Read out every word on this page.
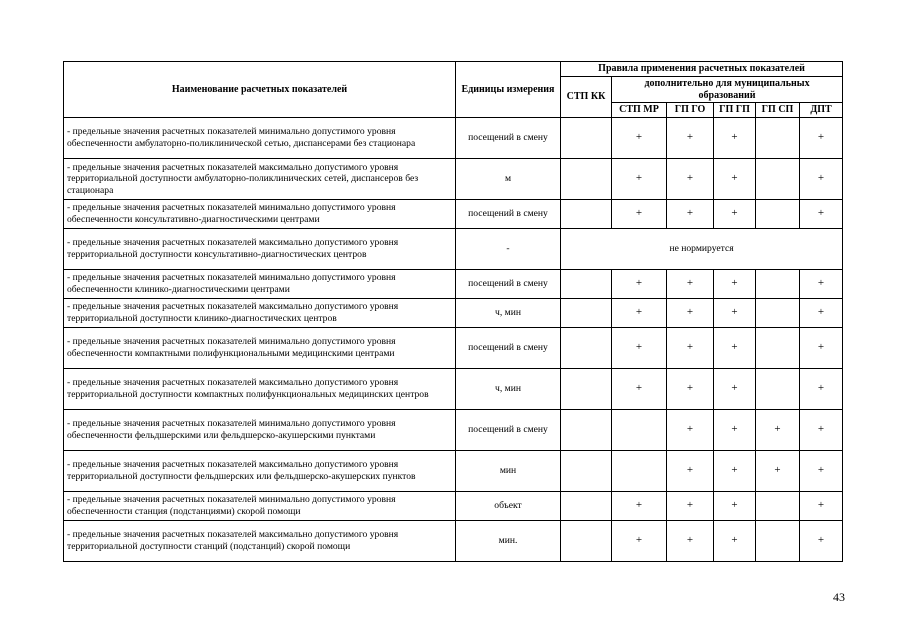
Наименование расчетных показателей	Единицы измерения	Правила применения расчетных показателей					
		СТП КК	дополнительно для муниципальных образований				
			СТП МР	ГП ГО	ГП ГП	ГП СП	ДПТ
- предельные значения расчетных показателей минимально допустимого уровня обеспеченности амбулаторно-поликлинической сетью, диспансерами без стационара	посещений в смену		+	+	+		+
- предельные значения расчетных показателей максимально допустимого уровня территориальной доступности амбулаторно-поликлинических сетей, диспансеров без стационара	м		+	+	+		+
- предельные значения расчетных показателей минимально допустимого уровня обеспеченности консультативно-диагностическими центрами	посещений в смену		+	+	+		+
- предельные значения расчетных показателей максимально допустимого уровня территориальной доступности консультативно-диагностических центров	-	не нормируется					
- предельные значения расчетных показателей минимально допустимого уровня обеспеченности клинико-диагностическими центрами	посещений в смену		+	+	+		+
- предельные значения расчетных показателей максимально допустимого уровня территориальной доступности клинико-диагностических центров	ч, мин		+	+	+		+
- предельные значения расчетных показателей минимально допустимого уровня обеспеченности компактными полифункциональными медицинскими центрами	посещений в смену		+	+	+		+
- предельные значения расчетных показателей максимально допустимого уровня территориальной доступности компактных полифункциональных медицинских центров	ч, мин		+	+	+		+
- предельные значения расчетных показателей минимально допустимого уровня обеспеченности фельдшерскими или фельдшерско-акушерскими пунктами	посещений в смену			+	+	+	+
- предельные значения расчетных показателей максимально допустимого уровня территориальной доступности фельдшерских или фельдшерско-акушерских пунктов	мин			+	+	+	+
- предельные значения расчетных показателей минимально допустимого уровня обеспеченности станция (подстанциями) скорой помощи	объект		+	+	+		+
- предельные значения расчетных показателей максимально допустимого уровня территориальной доступности станций (подстанций) скорой помощи	мин.		+	+	+		+
43
